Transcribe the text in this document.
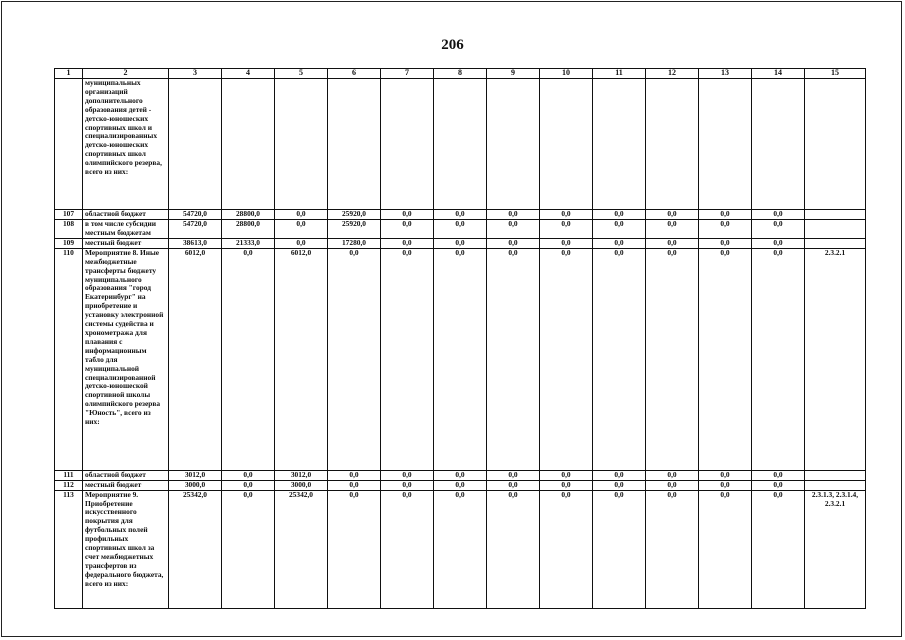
206
1	2	3	4	5	6	7	8	9	10	11	12	13	14	15
	муниципальных организаций дополнительного образования детей - детско-юношеских спортивных школ и специализированных детско-юношеских спортивных школ олимпийского резерва, всего из них:													
107	областной бюджет	54720,0	28800,0	0,0	25920,0	0,0	0,0	0,0	0,0	0,0	0,0	0,0	0,0	
108	в том числе субсидии местным бюджетам	54720,0	28800,0	0,0	25920,0	0,0	0,0	0,0	0,0	0,0	0,0	0,0	0,0	
109	местный бюджет	38613,0	21333,0	0,0	17280,0	0,0	0,0	0,0	0,0	0,0	0,0	0,0	0,0	
110	Мероприятие 8. Иные межбюджетные трансферты бюджету муниципального образования "город Екатеринбург" на приобретение и установку электронной системы судейства и хронометража для плавания с информационным табло для муниципальной специализированной детско-юношеской спортивной школы олимпийского резерва "Юность", всего из них:	6012,0	0,0	6012,0	0,0	0,0	0,0	0,0	0,0	0,0	0,0	0,0	0,0	2.3.2.1
111	областной бюджет	3012,0	0,0	3012,0	0,0	0,0	0,0	0,0	0,0	0,0	0,0	0,0	0,0	
112	местный бюджет	3000,0	0,0	3000,0	0,0	0,0	0,0	0,0	0,0	0,0	0,0	0,0	0,0	
113	Мероприятие 9. Приобретение искусственного покрытия для футбольных полей профильных спортивных школ за счет межбюджетных трансфертов из федерального бюджета, всего из них:	25342,0	0,0	25342,0	0,0	0,0	0,0	0,0	0,0	0,0	0,0	0,0	0,0	2.3.1.3, 2.3.1.4, 2.3.2.1
